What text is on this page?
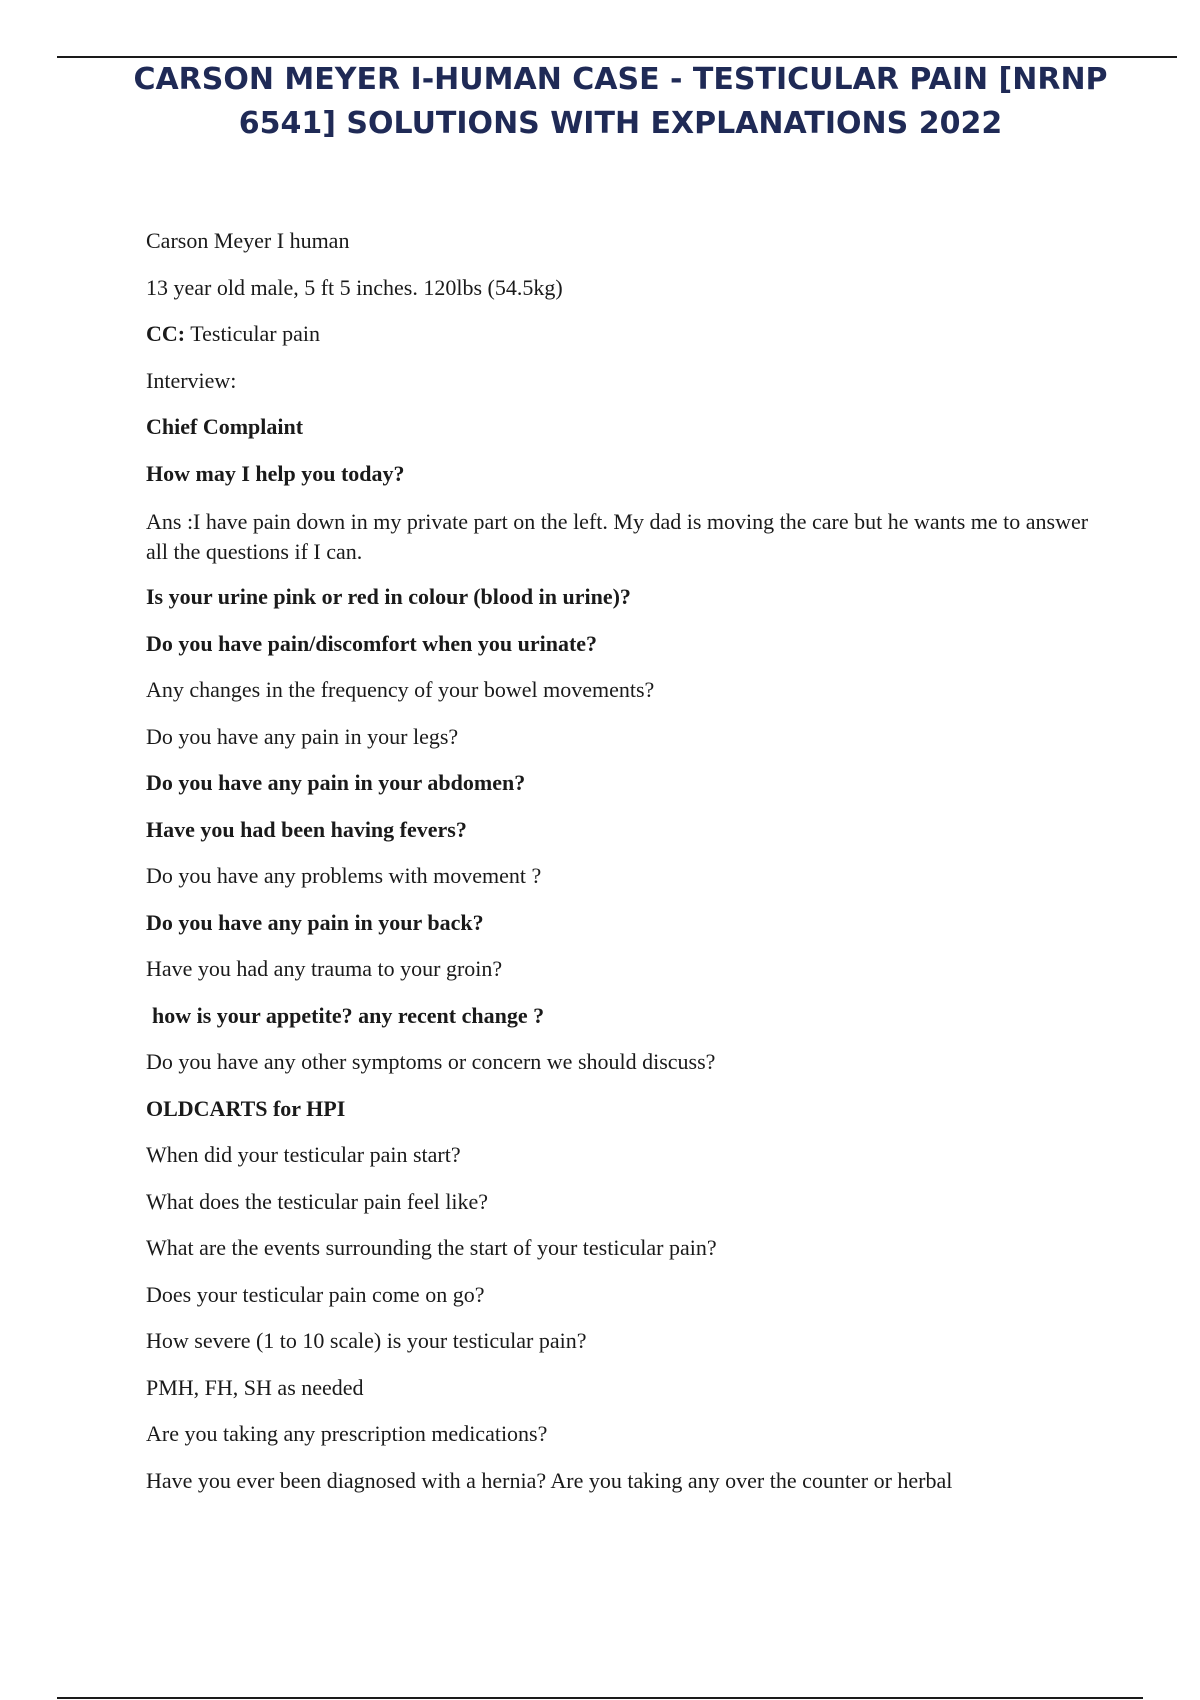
CARSON MEYER I-HUMAN CASE - TESTICULAR PAIN [NRNP 6541] SOLUTIONS WITH EXPLANATIONS 2022

Carson Meyer I human

13 year old male, 5 ft 5 inches. 120lbs (54.5kg)

CC: Testicular pain

Interview:

Chief Complaint

How may I help you today?

Ans :I have pain down in my private part on the left. My dad is moving the care but he wants me to answer all the questions if I can.

Is your urine pink or red in colour (blood in urine)?

Do you have pain/discomfort when you urinate?

Any changes in the frequency of your bowel movements?

Do you have any pain in your legs?

Do you have any pain in your abdomen?

Have you had been having fevers?

Do you have any problems with movement ?

Do you have any pain in your back?

Have you had any trauma to your groin?

how is your appetite? any recent change ?

Do you have any other symptoms or concern we should discuss?

OLDCARTS for HPI

When did your testicular pain start?

What does the testicular pain feel like?

What are the events surrounding the start of your testicular pain?

Does your testicular pain come on go?

How severe (1 to 10 scale) is your testicular pain?

PMH, FH, SH as needed

Are you taking any prescription medications?

Have you ever been diagnosed with a hernia? Are you taking any over the counter or herbal
